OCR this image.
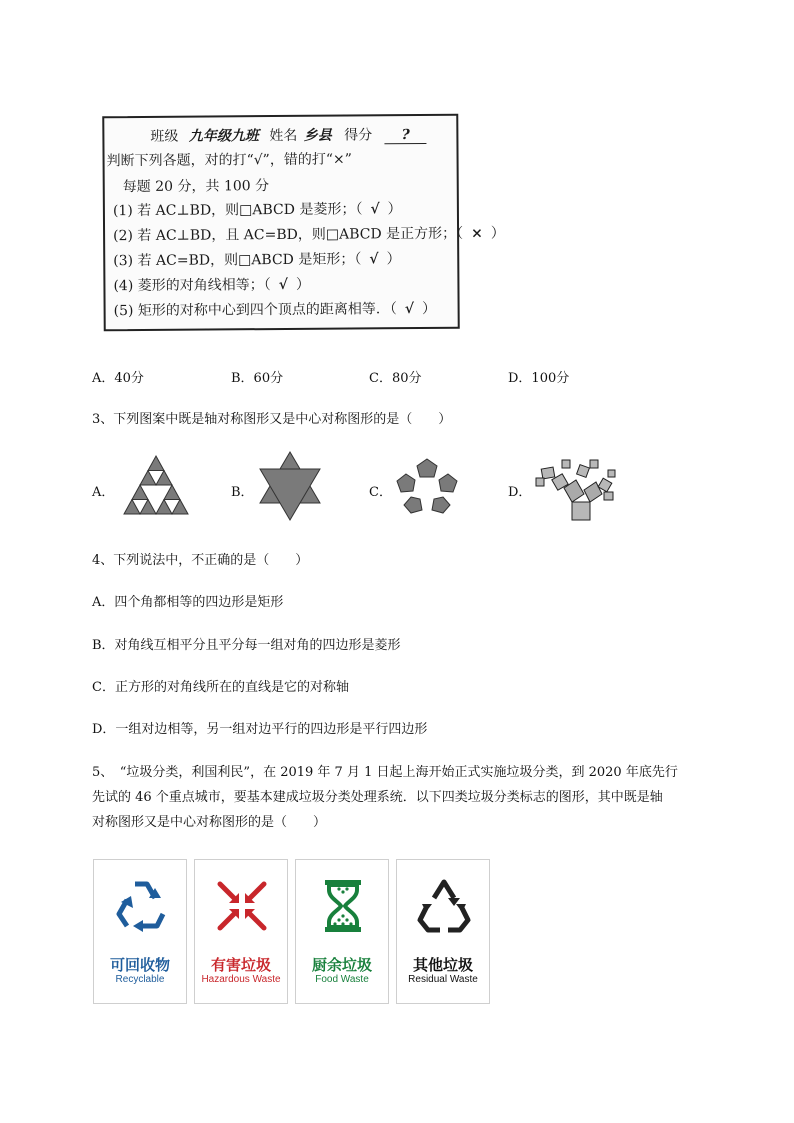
班级 九年级九班 姓名 乡县 得分 ?
判断下列各题，对的打“√”，错的打“×”
每题 20 分，共 100 分
(1) 若 AC⊥BD，则□ABCD 是菱形；（ √ ）
(2) 若 AC⊥BD，且 AC=BD，则□ABCD 是正方形；（ × ）
(3) 若 AC=BD，则□ABCD 是矩形；（ √ ）
(4) 菱形的对角线相等；（ √ ）
(5) 矩形的对称中心到四个顶点的距离相等．（ √ ）
A．40分	B．60分	C．80分	D．100分
3、下列图案中既是轴对称图形又是中心对称图形的是（　　）
A．	B．	C．	D．
4、下列说法中，不正确的是（　　）
A．四个角都相等的四边形是矩形
B．对角线互相平分且平分每一组对角的四边形是菱形
C．正方形的对角线所在的直线是它的对称轴
D．一组对边相等，另一组对边平行的四边形是平行四边形
5、　“垃圾分类，利国利民”，在 2019 年 7 月 1 日起上海开始正式实施垃圾分类，到 2020 年底先行
先试的 46 个重点城市，要基本建成垃圾分类处理系统．以下四类垃圾分类标志的图形，其中既是轴
对称图形又是中心对称图形的是（　　）
可回收物
Recyclable
有害垃圾
Hazardous Waste
厨余垃圾
Food Waste
其他垃圾
Residual Waste
